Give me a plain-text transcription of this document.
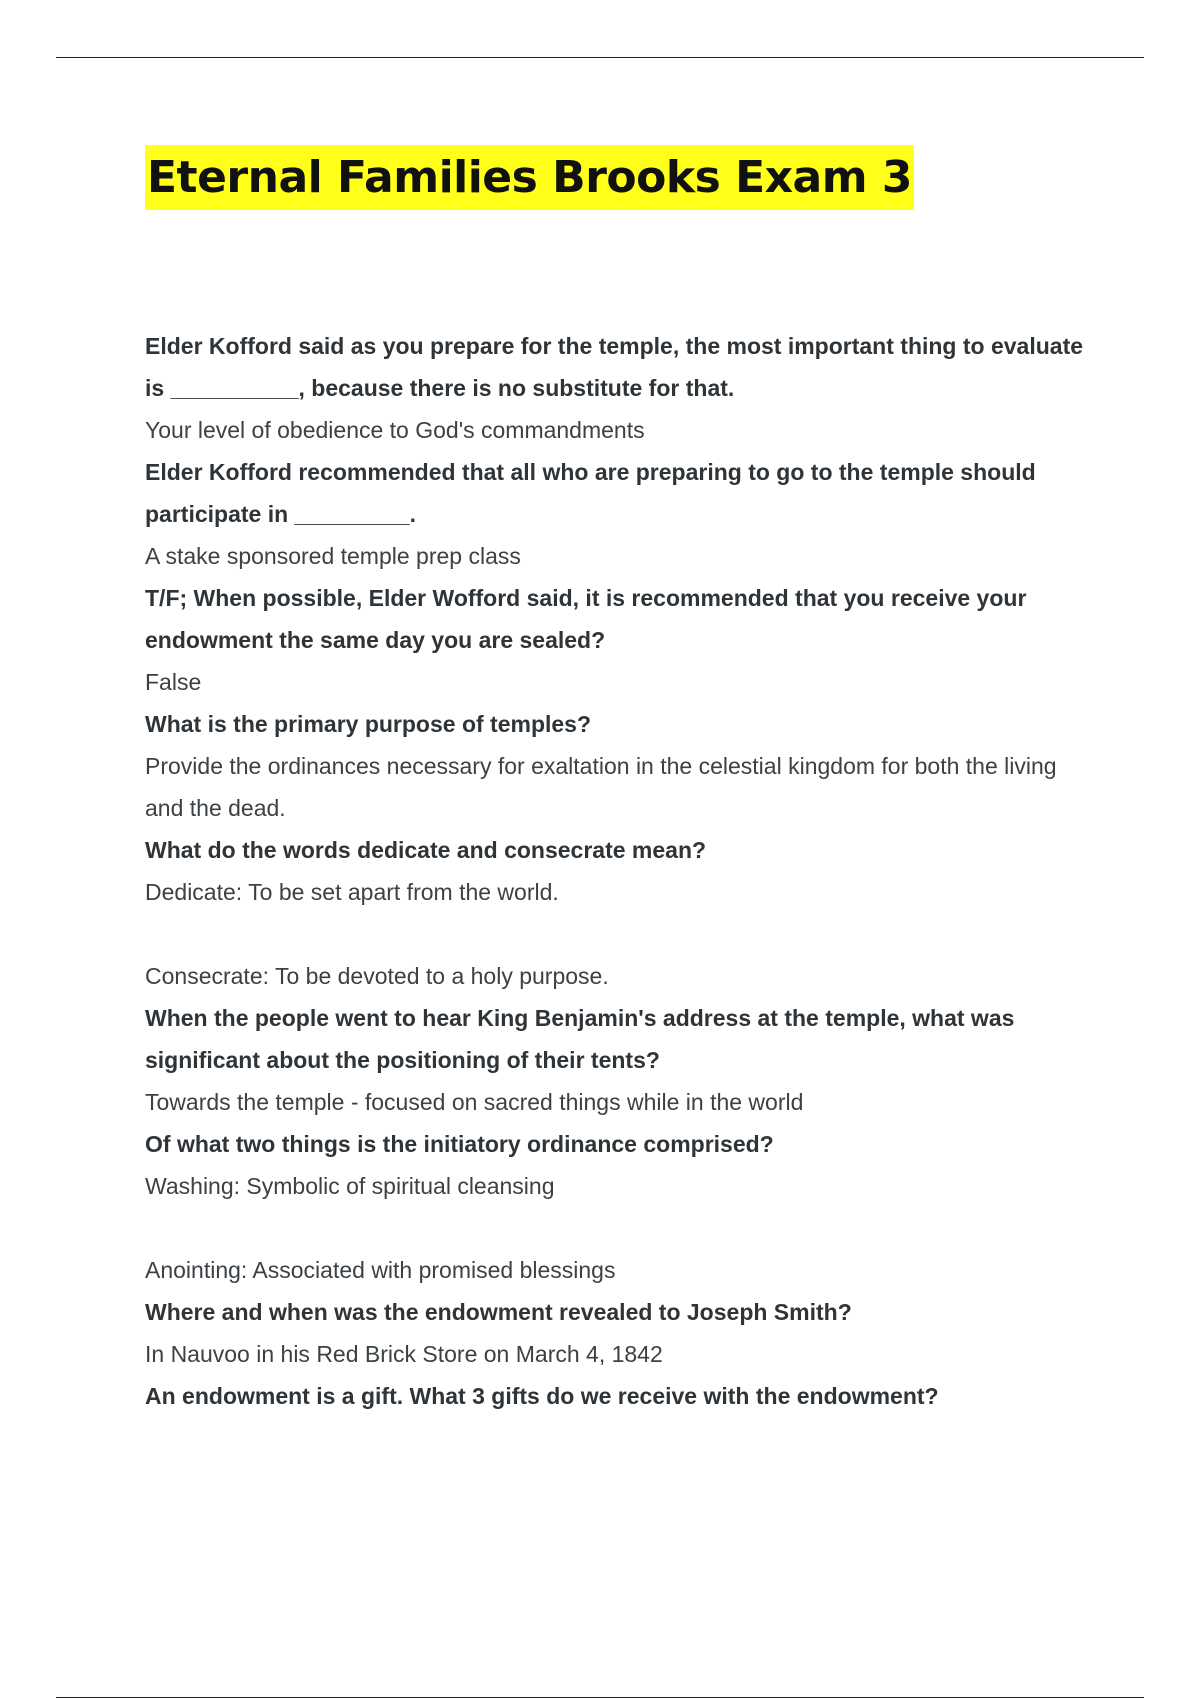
Eternal Families Brooks Exam 3
Elder Kofford said as you prepare for the temple, the most important thing to evaluate is __________, because there is no substitute for that.
Your level of obedience to God's commandments
Elder Kofford recommended that all who are preparing to go to the temple should participate in _________.
A stake sponsored temple prep class
T/F; When possible, Elder Wofford said, it is recommended that you receive your endowment the same day you are sealed?
False
What is the primary purpose of temples?
Provide the ordinances necessary for exaltation in the celestial kingdom for both the living and the dead.
What do the words dedicate and consecrate mean?
Dedicate: To be set apart from the world.

Consecrate: To be devoted to a holy purpose.
When the people went to hear King Benjamin's address at the temple, what was significant about the positioning of their tents?
Towards the temple - focused on sacred things while in the world
Of what two things is the initiatory ordinance comprised?
Washing: Symbolic of spiritual cleansing

Anointing: Associated with promised blessings
Where and when was the endowment revealed to Joseph Smith?
In Nauvoo in his Red Brick Store on March 4, 1842
An endowment is a gift. What 3 gifts do we receive with the endowment?
